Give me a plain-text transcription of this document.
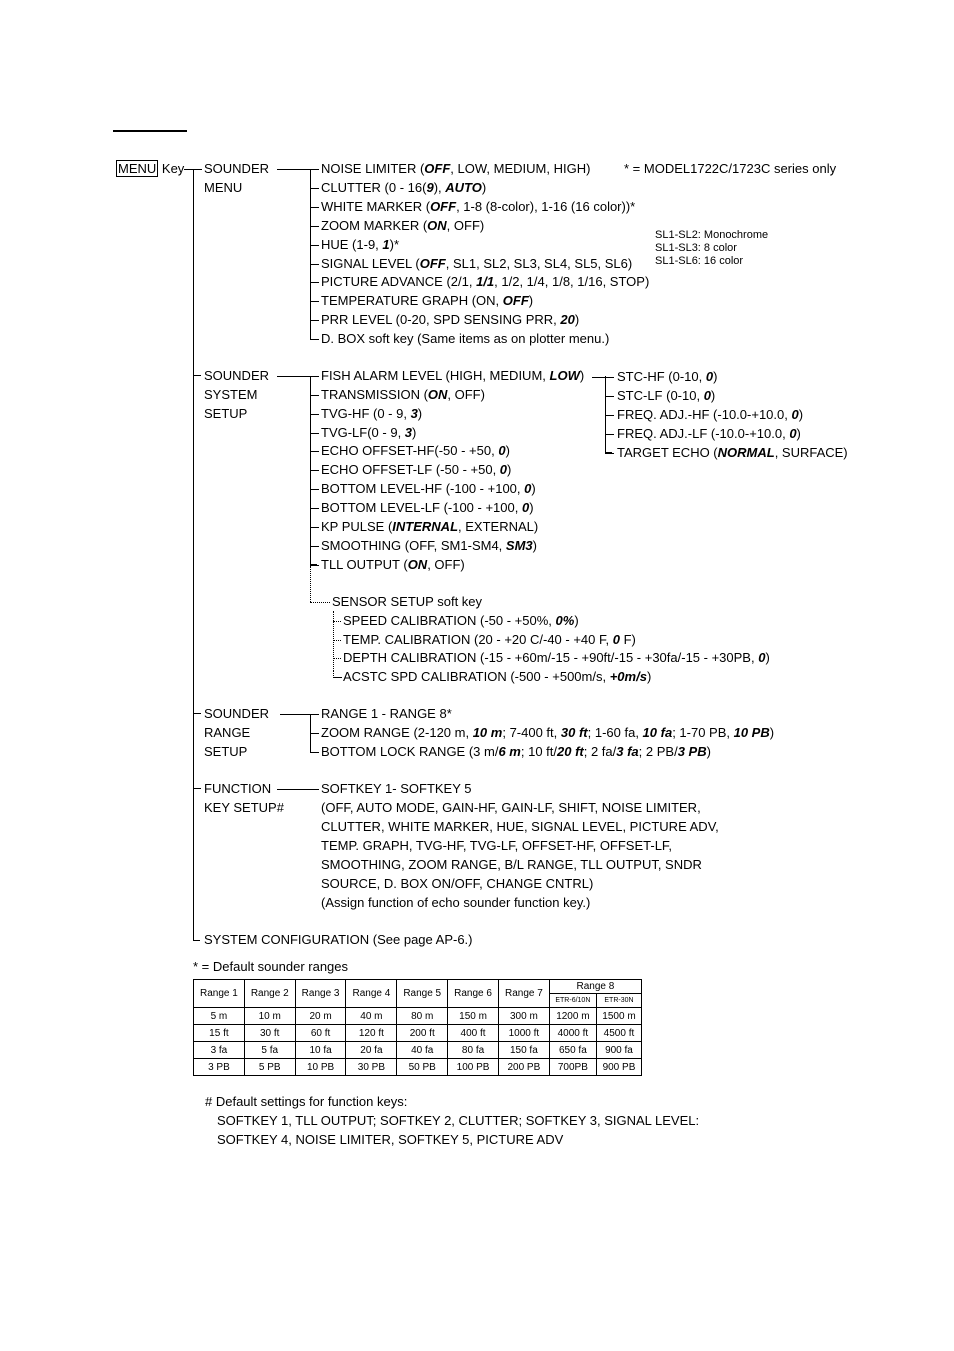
MENU Key SOUNDER
MENU
SOUNDER
SYSTEM
SETUP
SOUNDER
RANGE
SETUP
FUNCTION
KEY SETUP#
SYSTEM CONFIGURATION (See page AP-6.)
NOISE LIMITER (OFF, LOW, MEDIUM, HIGH)
CLUTTER (0 - 16(9), AUTO)
WHITE MARKER (OFF, 1-8 (8-color), 1-16 (16 color))*
ZOOM MARKER (ON, OFF)
HUE (1-9, 1)*
SIGNAL LEVEL (OFF, SL1, SL2, SL3, SL4, SL5, SL6)
PICTURE ADVANCE (2/1, 1/1, 1/2, 1/4, 1/8, 1/16, STOP)
TEMPERATURE GRAPH (ON, OFF)
PRR LEVEL (0-20, SPD SENSING PRR, 20)
D. BOX soft key (Same items as on plotter menu.)
* = MODEL1722C/1723C series only
SL1-SL2: Monochrome
SL1-SL3: 8 color
SL1-SL6: 16 color
FISH ALARM LEVEL (HIGH, MEDIUM, LOW)
TRANSMISSION (ON, OFF)
TVG-HF (0 - 9, 3)
TVG-LF(0 - 9, 3)
ECHO OFFSET-HF(-50 - +50, 0)
ECHO OFFSET-LF (-50 - +50, 0)
BOTTOM LEVEL-HF (-100 - +100, 0)
BOTTOM LEVEL-LF (-100 - +100, 0)
KP PULSE (INTERNAL, EXTERNAL)
SMOOTHING (OFF, SM1-SM4, SM3)
TLL OUTPUT (ON, OFF)
STC-HF (0-10, 0)
STC-LF (0-10, 0)
FREQ. ADJ.-HF (-10.0-+10.0, 0)
FREQ. ADJ.-LF (-10.0-+10.0, 0)
TARGET ECHO (NORMAL, SURFACE)
SENSOR SETUP soft key
SPEED CALIBRATION (-50 - +50%, 0%)
TEMP. CALIBRATION (20 - +20 C/-40 - +40 F, 0 F)
DEPTH CALIBRATION (-15 - +60m/-15 - +90ft/-15 - +30fa/-15 - +30PB, 0)
ACSTC SPD CALIBRATION (-500 - +500m/s, +0m/s)
RANGE 1 - RANGE 8*
ZOOM RANGE (2-120 m, 10 m; 7-400 ft, 30 ft; 1-60 fa, 10 fa; 1-70 PB, 10 PB)
BOTTOM LOCK RANGE (3 m/6 m; 10 ft/20 ft; 2 fa/3 fa; 2 PB/3 PB)
SOFTKEY 1- SOFTKEY 5
(OFF, AUTO MODE, GAIN-HF, GAIN-LF, SHIFT, NOISE LIMITER,
CLUTTER, WHITE MARKER, HUE, SIGNAL LEVEL, PICTURE ADV,
TEMP. GRAPH, TVG-HF, TVG-LF, OFFSET-HF, OFFSET-LF,
SMOOTHING, ZOOM RANGE, B/L RANGE, TLL OUTPUT, SNDR
SOURCE, D. BOX ON/OFF, CHANGE CNTRL)
(Assign function of echo sounder function key.)
* = Default sounder ranges
Range 1	Range 2	Range 3	Range 4	Range 5	Range 6	Range 7	Range 8	
							ETR-6/10N	ETR-30N
5 m	10 m	20 m	40 m	80 m	150 m	300 m	1200 m	1500 m
15 ft	30 ft	60 ft	120 ft	200 ft	400 ft	1000 ft	4000 ft	4500 ft
3 fa	5 fa	10 fa	20 fa	40 fa	80 fa	150 fa	650 fa	900 fa
3 PB	5 PB	10 PB	30 PB	50 PB	100 PB	200 PB	700PB	900 PB
# Default settings for function keys:
SOFTKEY 1, TLL OUTPUT; SOFTKEY 2, CLUTTER; SOFTKEY 3, SIGNAL LEVEL:
SOFTKEY 4, NOISE LIMITER, SOFTKEY 5, PICTURE ADV
